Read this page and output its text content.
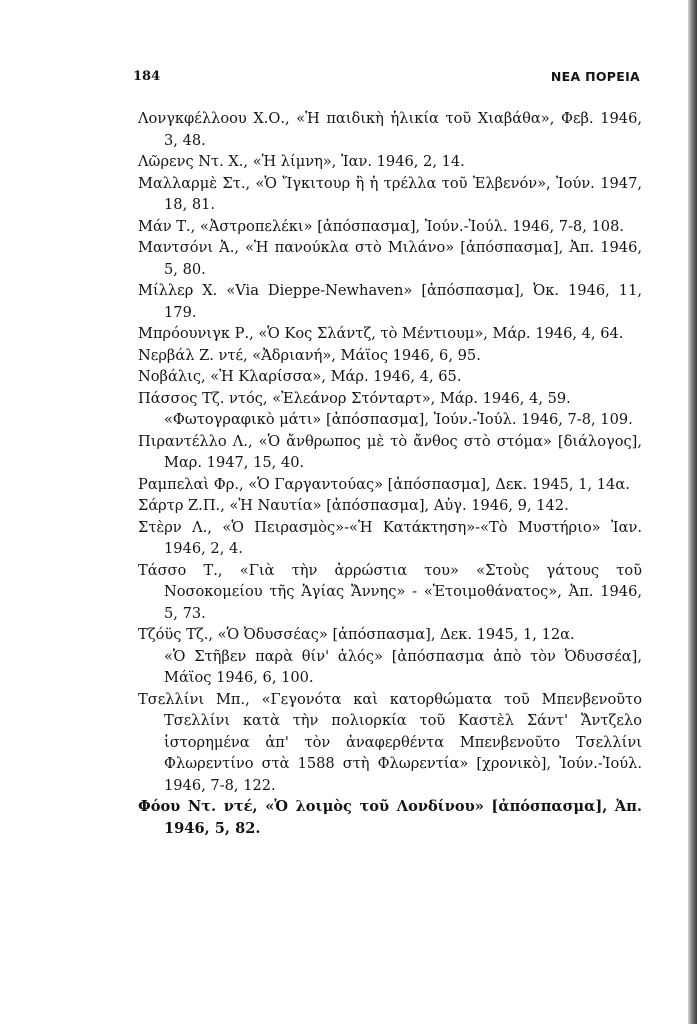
184	ΝΕΑ ΠΟΡΕΙΑ

Λονγκφέλλοου Χ.Ο., «Ἡ παιδικὴ ἡλικία τοῦ Χιαβάθα», Φεβ. 1946, 3, 48.

Λῶρενς Ντ. Χ., «Ἡ λίμνη», Ἰαν. 1946, 2, 14.

Μαλλαρμὲ Στ., «Ὁ Ἴγκιτουρ ἢ ἡ τρέλλα τοῦ Ἐλβενόν», Ἰούν. 1947, 18, 81.

Μάν Τ., «Ἀστροπελέκι» [ἀπόσπασμα], Ἰούν.-Ἰούλ. 1946, 7-8, 108.

Μαντσόνι Ἀ., «Ἡ πανούκλα στὸ Μιλάνο» [ἀπόσπασμα], Ἀπ. 1946, 5, 80.

Μίλλερ Χ. «Via Dieppe-Newhaven» [ἀπόσπασμα], Ὀκ. 1946, 11, 179.

Μπρόουνιγκ Ρ., «Ὁ Κος Σλάντζ, τὸ Μέντιουμ», Μάρ. 1946, 4, 64.

Νερβάλ Ζ. ντέ, «Ἀδριανή», Μάϊος 1946, 6, 95.

Νοβάλις, «Ἡ Κλαρίσσα», Μάρ. 1946, 4, 65.

Πάσσος Τζ. ντός, «Ἐλεάνορ Στόνταρτ», Μάρ. 1946, 4, 59.

«Φωτογραφικὸ μάτι» [ἀπόσπασμα], Ἰούν.-Ἰούλ. 1946, 7-8, 109.

Πιραντέλλο Λ., «Ὁ ἄνθρωπος μὲ τὸ ἄνθος στὸ στόμα» [διάλογος], Μαρ. 1947, 15, 40.

Ραμπελαὶ Φρ., «Ὁ Γαργαντούας» [ἀπόσπασμα], Δεκ. 1945, 1, 14α.

Σάρτρ Ζ.Π., «Ἡ Ναυτία» [ἀπόσπασμα], Αὐγ. 1946, 9, 142.

Στὲρν Λ., «Ὁ Πειρασμὸς»-«Ἡ Κατάκτηση»-«Τὸ Μυστήριο» Ἰαν. 1946, 2, 4.

Τάσσο Τ., «Γιὰ τὴν ἀρρώστια του» «Στοὺς γάτους τοῦ Νοσοκομείου τῆς Ἁγίας Ἄννης» - «Ἑτοιμοθάνατος», Ἀπ. 1946, 5, 73.

Τζόϋς Τζ., «Ὁ Ὀδυσσέας» [ἀπόσπασμα], Δεκ. 1945, 1, 12α.

«Ὁ Στῆβεν παρὰ θίν' ἁλός» [ἀπόσπασμα ἀπὸ τὸν Ὀδυσσέα], Μάϊος 1946, 6, 100.

Τσελλίνι Μπ., «Γεγονότα καὶ κατορθώματα τοῦ Μπενβενοῦτο Τσελλίνι κατὰ τὴν πολιορκία τοῦ Καστὲλ Σάντ' Ἄντζελο ἱστορημένα ἀπ' τὸν ἀναφερθέντα Μπενβενοῦτο Τσελλίνι Φλωρεντίνο στὰ 1588 στὴ Φλωρεντία» [χρονικὸ], Ἰούν.-Ἰούλ. 1946, 7-8, 122.

Φόου Ντ. ντέ, «Ὁ λοιμὸς τοῦ Λονδίνου» [ἀπόσπασμα], Ἀπ. 1946, 5, 82.
